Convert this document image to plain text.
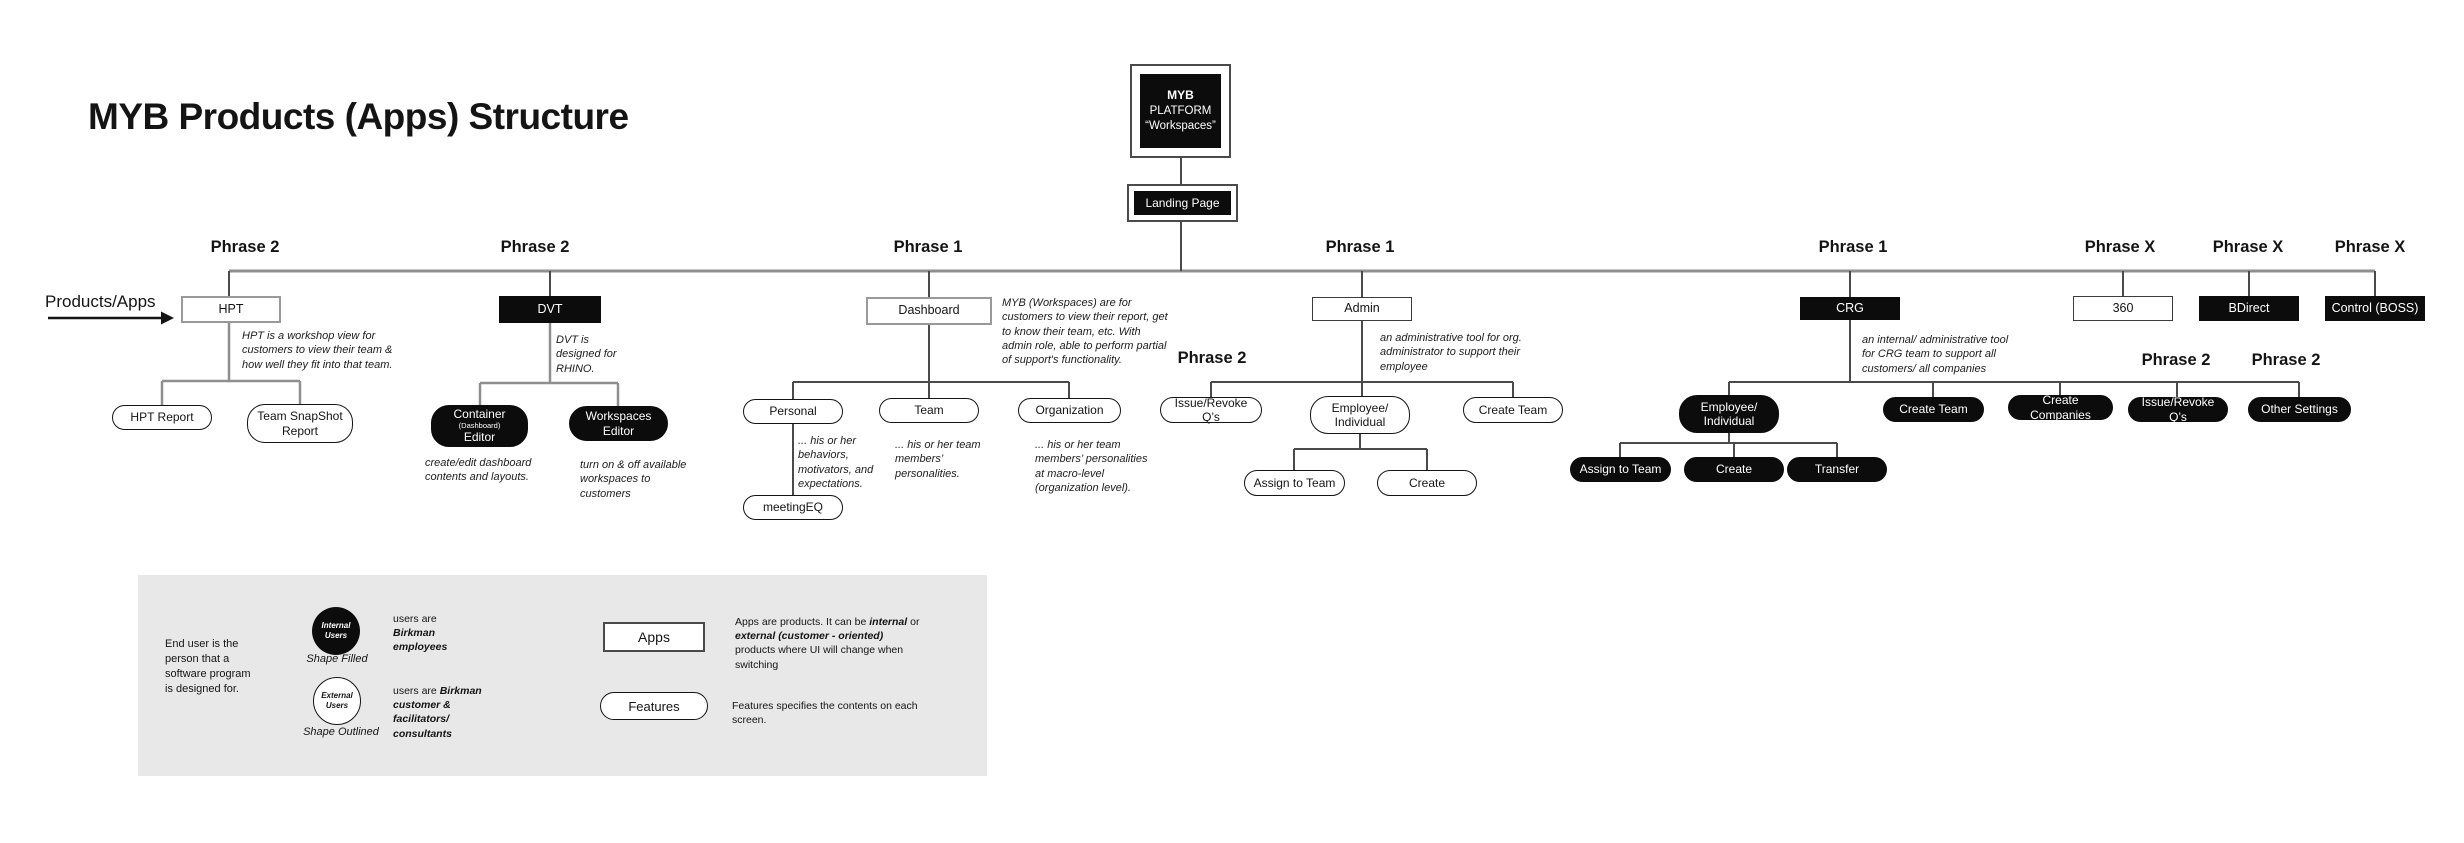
MYB Products (Apps) Structure
MYB
PLATFORM
“Workspaces”
Landing Page
Products/Apps
Phrase 2	Phrase 2	Phrase 1	Phrase 1	Phrase 1	Phrase X	Phrase X	Phrase X
Phrase 2	Phrase 2 Phrase 2
HPT	DVT	Dashboard	Admin	CRG	360	BDirect	Control (BOSS)
HPT is a workshop view for customers to view their team & how well they fit into that team.
DVT is designed for RHINO.
MYB (Workspaces) are for customers to view their report, get to know their team, etc. With admin role, able to perform partial of support's functionality.
an administrative tool for org. administrator to support their employee
an internal/ administrative tool for CRG team to support all customers/ all companies
HPT Report	Team SnapShot Report
Container
(Dashboard)
Editor
Workspaces Editor
create/edit dashboard contents and layouts.
turn on & off available workspaces to customers
Personal	Team	Organization
meetingEQ
... his or her behaviors, motivators, and expectations.
... his or her team members’ personalities.
... his or her team members’ personalities at macro-level (organization level).
Issue/Revoke Q’s
Employee/ Individual
Create Team
Assign to Team	Create
Employee/ Individual
Create Team
Create Companies
Issue/Revoke Q’s
Other Settings
Assign to Team	Create	Transfer
End user is the person that a software program is designed for.
Internal Users
Shape Filled
users are
Birkman employees
External Users
Shape Outlined
users are Birkman customer & facilitators/ consultants
Apps
Apps are products. It can be internal or external (customer - oriented) products where UI will change when switching
Features	Features specifies the contents on each screen.
